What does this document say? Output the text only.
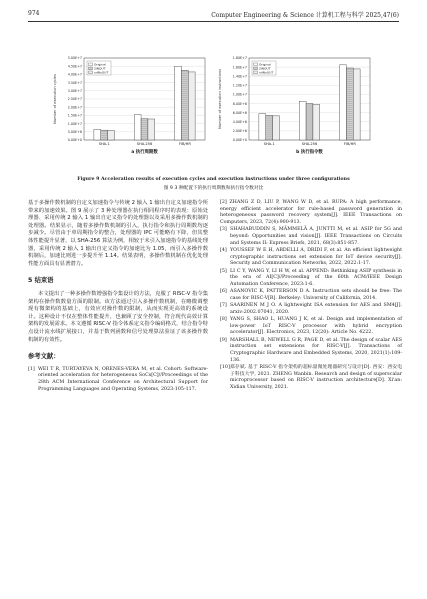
974	Computer Engineering & Science 计算机工程与科学 2025,47(6)
0.00E+0
5.00E+6
1.00E+7
1.50E+7
2.00E+7
2.50E+7
3.00E+7
3.50E+7
4.00E+7
4.50E+7
5.00E+7
Number of execution cycles
SHA-1	SHA-256	FIB/HR
Original
2INOUT
ndNoOUT
a 执行周期数
0.00E+0
2.00E+6
4.00E+6
6.00E+6
8.00E+6
1.00E+7
1.20E+7
1.40E+7
1.60E+7
1.80E+7
Number of execution instructions
SHA-1	SHA-256	FIB/HR
Original
2INOUT
ndNoOUT
b 执行指令数
Figure 9 Acceleration results of execution cycles and execution instructions under three configurations
图 9 3 种配置下的执行周期数和执行指令数对比

基于多操作数机制的自定义加速指令与传统 2 输入 1 输出自定义加速指令所带来的加速效果。图 9 展示了 3 种处理器在执行相同程序时的表现：原始处理器、采用传统 2 输入 1 输出自定义指令的处理器以及采用多操作数机制的处理器。结果显示，随着多操作数机制的引入，执行指令和执行周期数均逐步减少。尽管由于单周期指令的整合，处理器的 IPC 可能略有下降，但其整体性能提升显著，以 SHA-256 算法为例，相较于未引入加速指令的基线处理器，采用传统 2 输入 1 输出自定义指令的加速比为 1.05，而引入多操作数机制后，加速比则进一步提升至 1.14。结果表明，多操作数机制在优化处理性能方面具有显著潜力。

5 结束语

本文提出了一种多操作数增强指令集设计的方法，克服了 RISC-V 指令集架构在操作数数量方面的限制。该方法通过引入多操作数机制，在略微调整现有微架构的基础上，有效应对操作数的限制，从而实现更高效的系统设计。这种设计不仅在整体性能提升，也兼顾了安全控制，符合现代高效计算架构的发展需求。本文遵循 RISC-V 指令体系定义指令编码格式，结合指令特点设计流水线扩展接口，并基于数列函数和信号处理算法验证了该多操作数机制的有效性。

参考文献：
[1] WEI T R, TURTAYEVA N, ORENES-VERA M, et al. Cohort: Software-oriented acceleration for heterogeneous SoCs[C]//Proceedings of the 28th ACM International Conference on Architectural Support for Programming Languages and Operating Systems, 2023:105-117.
[2] ZHANG Z D, LIU P, WANG W D, et al. RUPA: A high performance, energy efficient accelerator for rule-based password generation in heterogeneous password recovery system[J]. IEEE Transactions on Computers, 2023, 72(4):900-913.
[3] SHAHABUDDIN S, MÄMMELÄ A, JUNTTI M, et al. ASIP for 5G and beyond: Opportunities and vision[J]. IEEE Transactions on Circuits and Systems II: Express Briefs, 2021, 68(3):851-857.
[4] YOUSSEF W E H, ABDELLI A, DRIDI F, et al. An efficient lightweight cryptographic instructions set extension for IoT device security[J]. Security and Communication Networks, 2022, 2022:1-17.
[5] LI C Y, WANG Y, LI H W, et al. APPEND: Rethinking ASIP synthesis in the era of AI[C]//Proceeding of the 60th ACM/IEEE Design Automation Conference, 2023:1-6.
[6] ASANOVIC K, PATTERSON D A. Instruction sets should be free: The case for RISC-V[R]. Berkeley: University of California, 2014.
[7] SAARINEN M J O. A lightweight ISA extension for AES and SM4[J]. arxiv:2002.07041, 2020.
[8] YANG S, SHAO L, HUANG J K, et al. Design and implementation of low-power IoT RISC-V processor with hybrid encryption accelerator[J]. Electronics, 2023, 12(20): Article No. 4222.
[9] MARSHALL B, NEWELL G R, PAGE D, et al. The design of scalar AES instruction set extensions for RISC-V[J]. Transactions of Cryptographic Hardware and Embedded Systems, 2020, 2021(1):109-136.
[10] 郑存斌. 基于 RISC-V 指令架构的超标量微处理器研究与设计[D]. 西安：西安电子科技大学, 2021. ZHENG Wanbin. Research and design of superscalar microprocessor based on RISC-V instruction architecture[D]. Xi'an: Xidian University, 2021.
